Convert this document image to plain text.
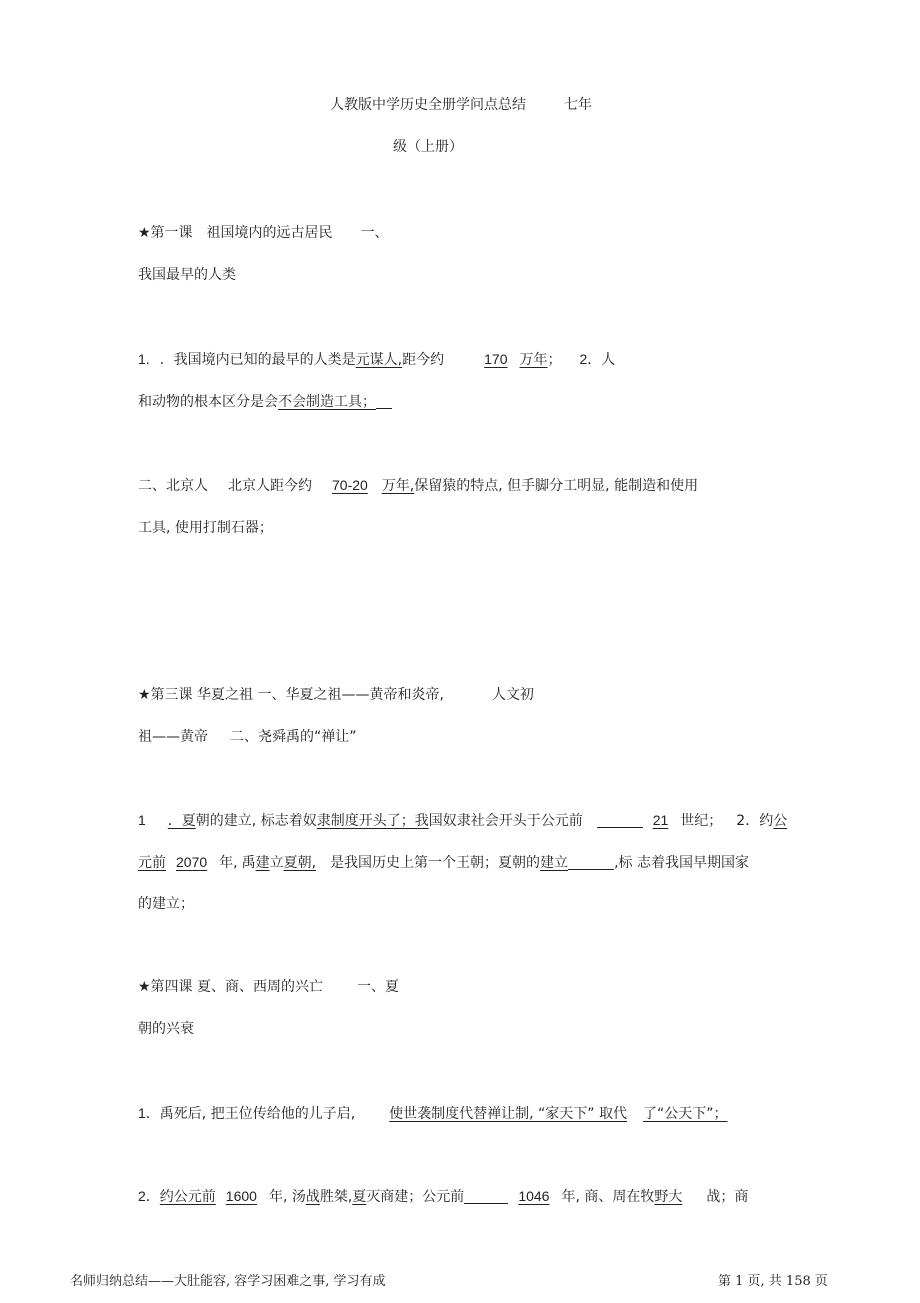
人教版中学历史全册学问点总结	七年
级（上册）
★第一课　祖国境内的远古居民 一、
我国最早的人类
1. ．我国境内已知的最早的人类是元谋人,距今约	170 万年； 2．人
和动物的根本区分是会不会制造工具；
二、北京人 北京人距今约 70-20 万年,保留猿的特点, 但手脚分工明显, 能制造和使用
工具, 使用打制石器；
★第三课 华夏之祖 一、华夏之祖——黄帝和炎帝,	人文初
祖——黄帝 二、尧舜禹的“禅让”
1 ．夏朝的建立, 标志着奴隶制度开头了；我国奴隶社会开头于公元前	21 世纪； 2．约公
元前 2070 年, 禹建立夏朝, 是我国历史上第一个王朝；夏朝的建立	,标 志着我国早期国家
的建立；
★第四课 夏、商、西周的兴亡 一、夏
朝的兴衰
1．禹死后, 把王位传给他的儿子启, 使世袭制度代替禅让制, “家天下” 取代 了“公天下”；
2．约公元前 1600 年, 汤战胜桀,夏灭商建；公元前	1046 年, 商、周在牧野大 战；商
名师归纳总结——大肚能容, 容学习困难之事, 学习有成	第 1 页, 共 158 页
